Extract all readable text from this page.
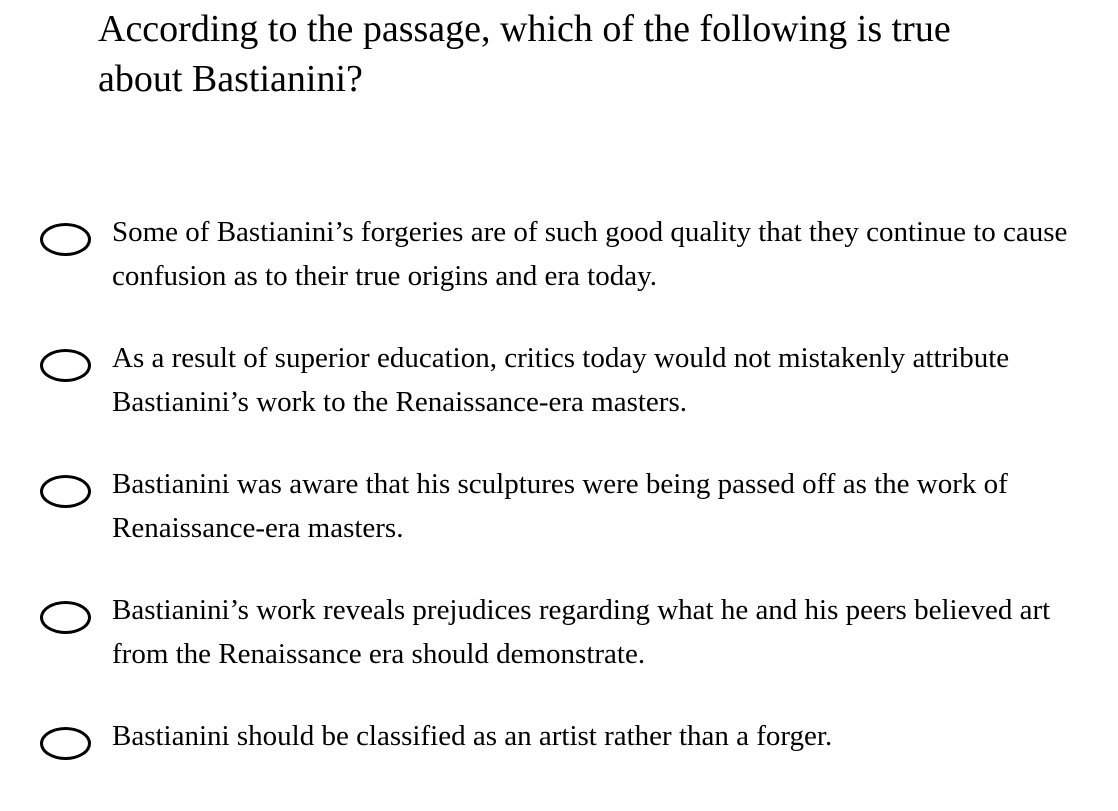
According to the passage, which of the following is true about Bastianini?
Some of Bastianini’s forgeries are of such good quality that they continue to cause confusion as to their true origins and era today.
As a result of superior education, critics today would not mistakenly attribute Bastianini’s work to the Renaissance-era masters.
Bastianini was aware that his sculptures were being passed off as the work of Renaissance-era masters.
Bastianini’s work reveals prejudices regarding what he and his peers believed art from the Renaissance era should demonstrate.
Bastianini should be classified as an artist rather than a forger.
